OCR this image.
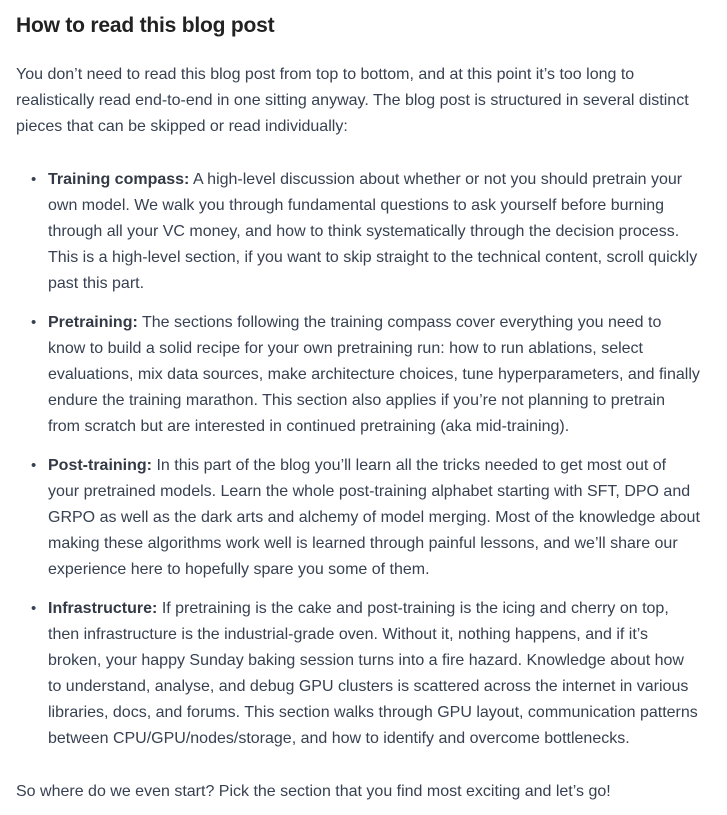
How to read this blog post

You don’t need to read this blog post from top to bottom, and at this point it’s too long to realistically read end-to-end in one sitting anyway. The blog post is structured in several distinct pieces that can be skipped or read individually:

• Training compass: A high-level discussion about whether or not you should pretrain your own model. We walk you through fundamental questions to ask yourself before burning through all your VC money, and how to think systematically through the decision process. This is a high-level section, if you want to skip straight to the technical content, scroll quickly past this part.
• Pretraining: The sections following the training compass cover everything you need to know to build a solid recipe for your own pretraining run: how to run ablations, select evaluations, mix data sources, make architecture choices, tune hyperparameters, and finally endure the training marathon. This section also applies if you’re not planning to pretrain from scratch but are interested in continued pretraining (aka mid-training).
• Post-training: In this part of the blog you’ll learn all the tricks needed to get most out of your pretrained models. Learn the whole post-training alphabet starting with SFT, DPO and GRPO as well as the dark arts and alchemy of model merging. Most of the knowledge about making these algorithms work well is learned through painful lessons, and we’ll share our experience here to hopefully spare you some of them.
• Infrastructure: If pretraining is the cake and post-training is the icing and cherry on top, then infrastructure is the industrial-grade oven. Without it, nothing happens, and if it’s broken, your happy Sunday baking session turns into a fire hazard. Knowledge about how to understand, analyse, and debug GPU clusters is scattered across the internet in various libraries, docs, and forums. This section walks through GPU layout, communication patterns between CPU/GPU/nodes/storage, and how to identify and overcome bottlenecks.

So where do we even start? Pick the section that you find most exciting and let’s go!
